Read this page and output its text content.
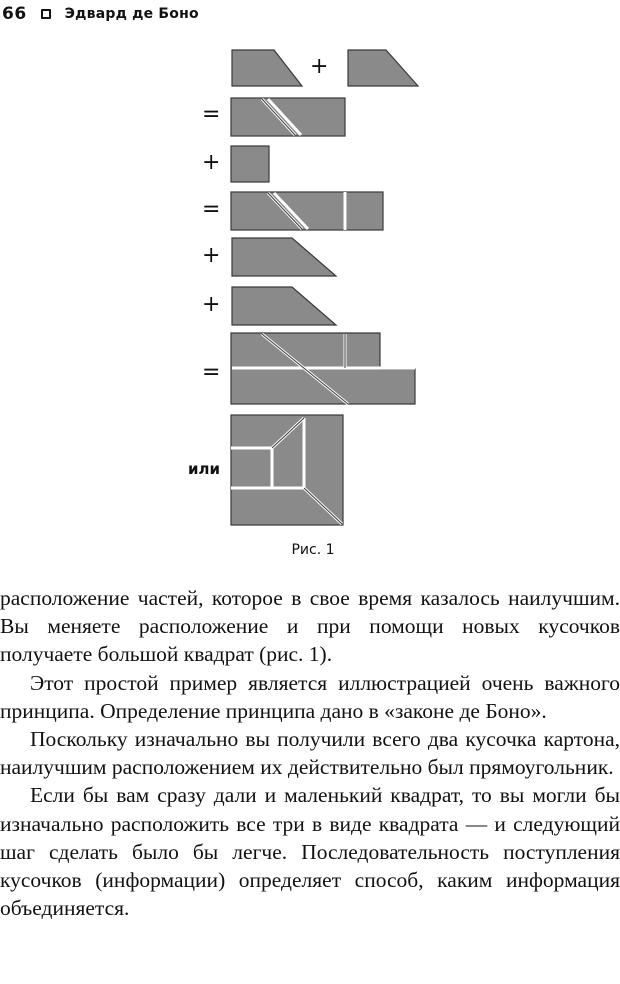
66	Эдвард де Боно
+
=
+
=
+
+
=
или
Рис. 1

расположение частей, которое в свое время казалось наилучшим. Вы меняете расположение и при помощи новых кусочков получаете большой квадрат (рис. 1).

Этот простой пример является иллюстрацией очень важного принципа. Определение принципа дано в «законе де Боно».

Поскольку изначально вы получили всего два кусочка картона, наилучшим расположением их действительно был прямоугольник.

Если бы вам сразу дали и маленький квадрат, то вы могли бы изначально расположить все три в виде квадрата — и следующий шаг сделать было бы легче. Последовательность поступления кусочков (информации) определяет способ, каким информация объединяется.
